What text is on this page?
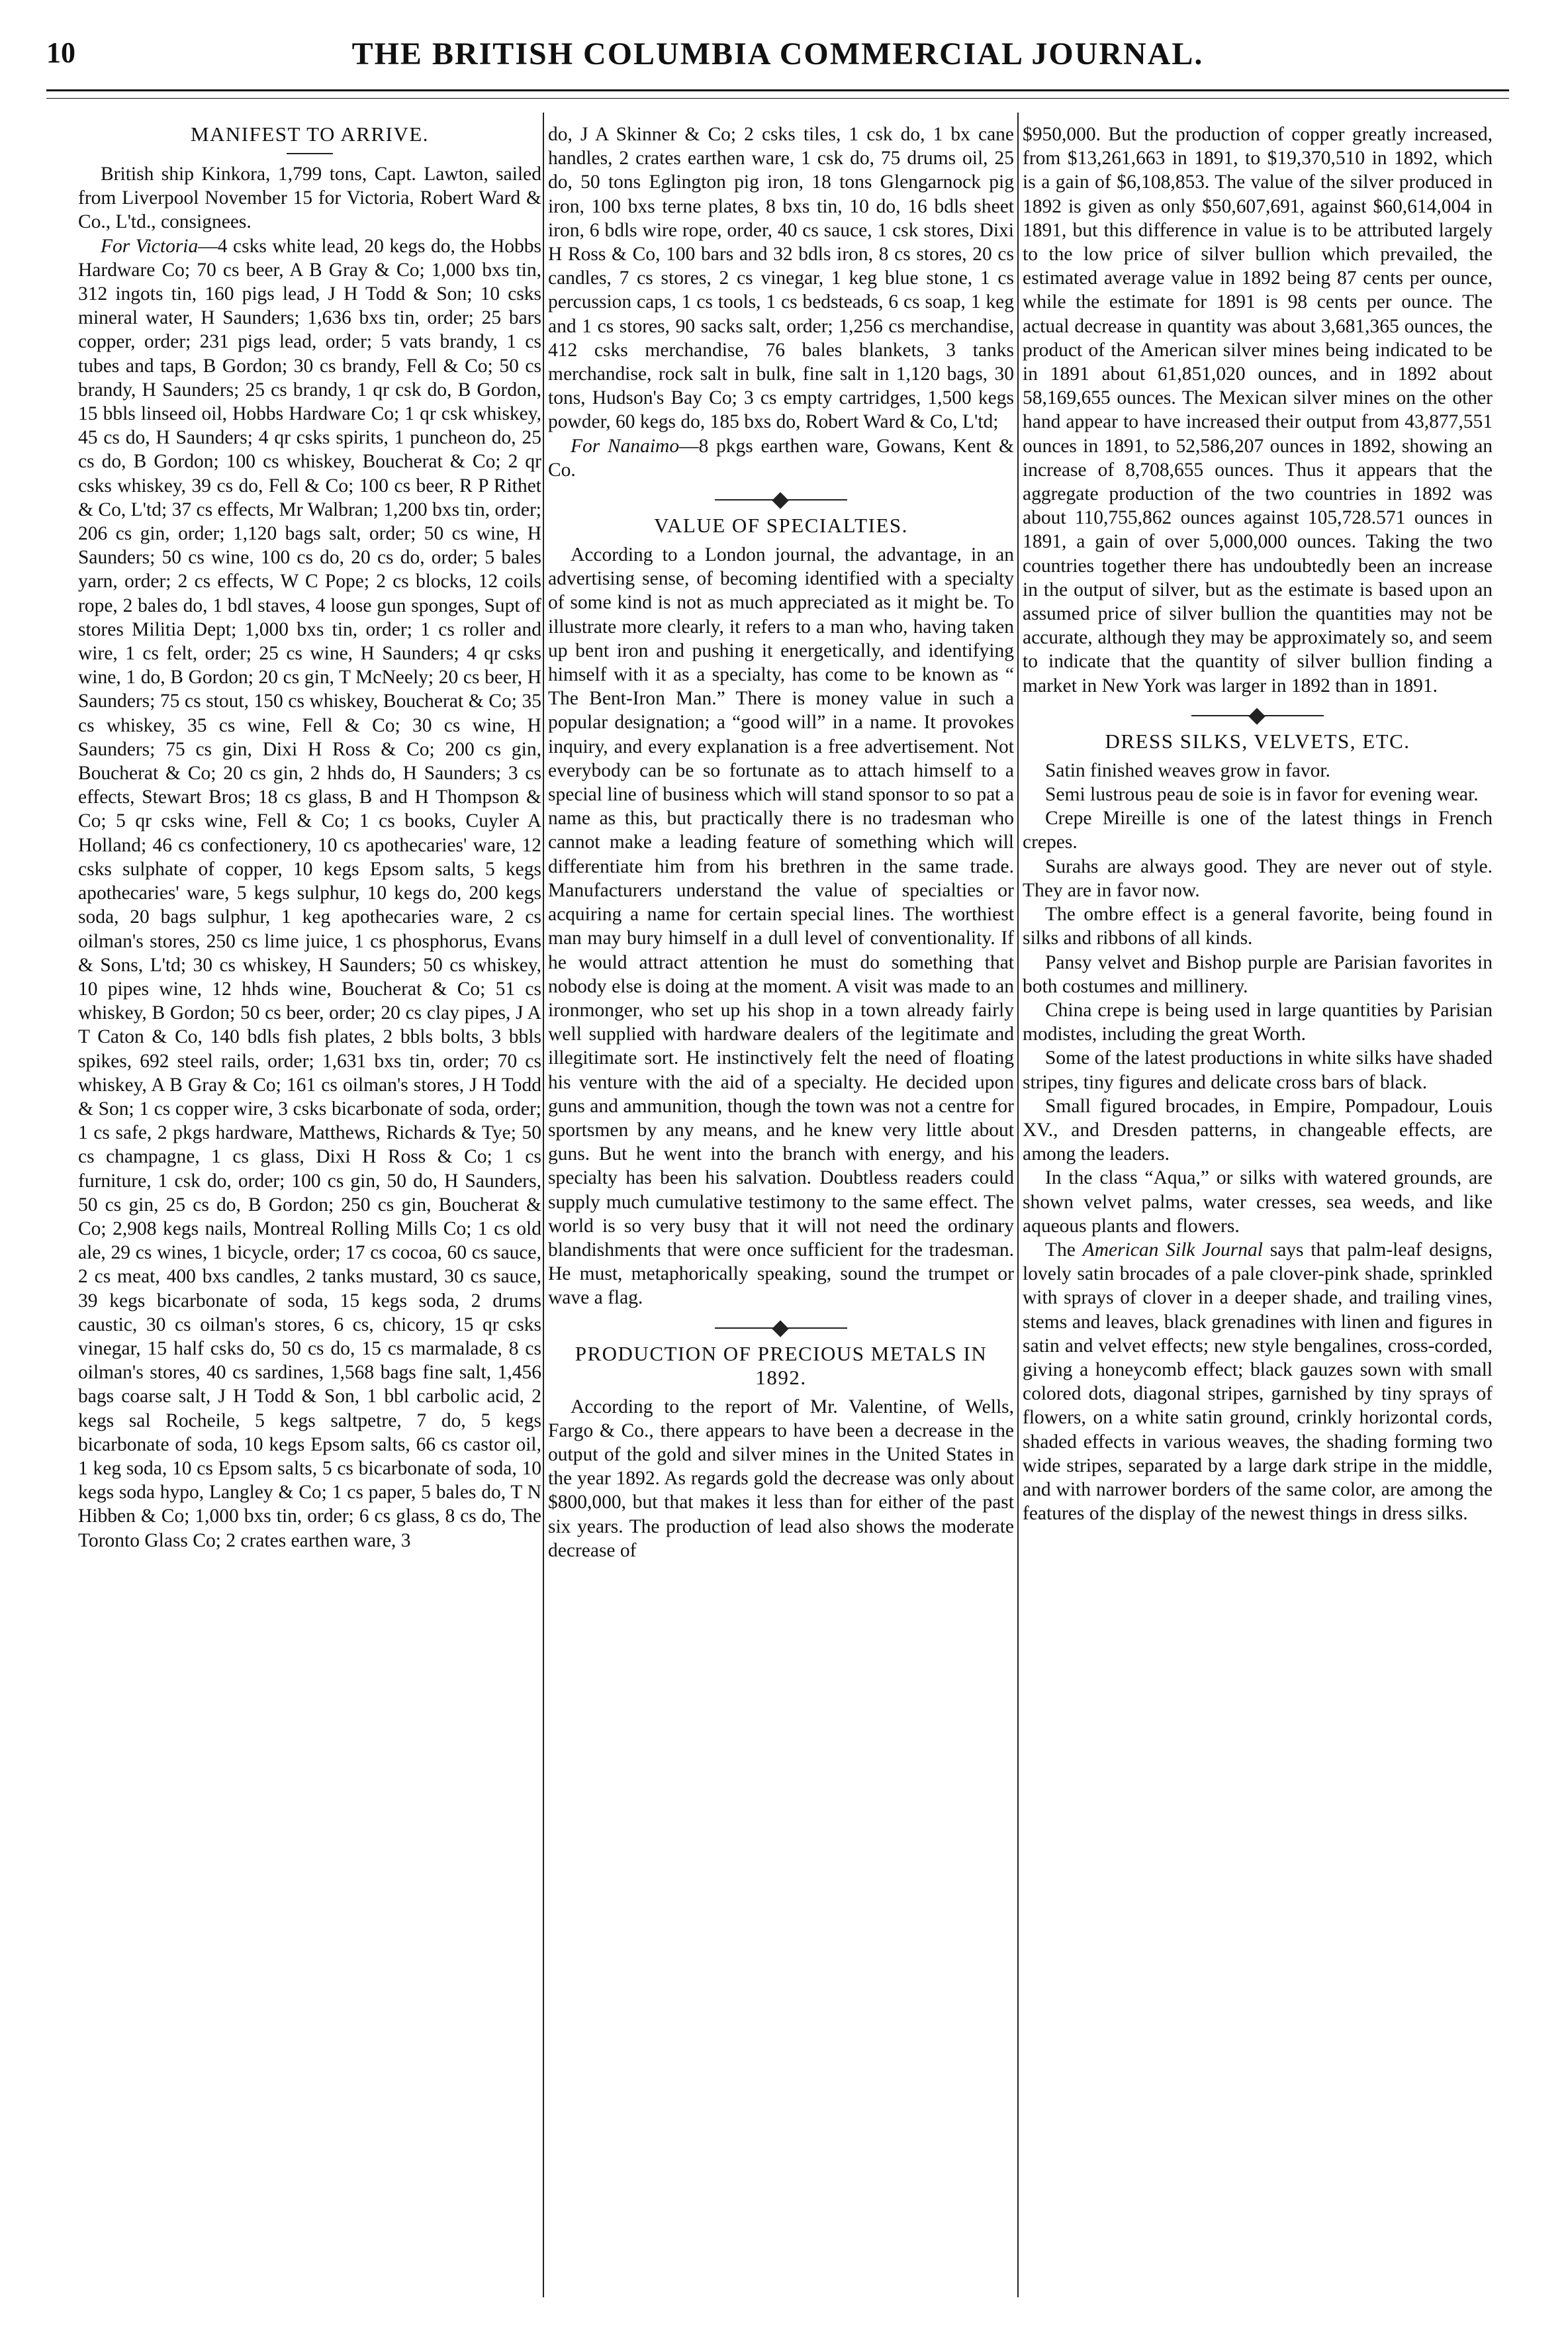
10	THE BRITISH COLUMBIA COMMERCIAL JOURNAL.
MANIFEST TO ARRIVE.

British ship Kinkora, 1,799 tons, Capt. Lawton, sailed from Liverpool November 15 for Victoria, Robert Ward & Co., L'td., consignees.

For Victoria—4 csks white lead, 20 kegs do, the Hobbs Hardware Co; 70 cs beer, A B Gray & Co; 1,000 bxs tin, 312 ingots tin, 160 pigs lead, J H Todd & Son; 10 csks mineral water, H Saunders; 1,636 bxs tin, order; 25 bars copper, order; 231 pigs lead, order; 5 vats brandy, 1 cs tubes and taps, B Gordon; 30 cs brandy, Fell & Co; 50 cs brandy, H Saunders; 25 cs brandy, 1 qr csk do, B Gordon, 15 bbls linseed oil, Hobbs Hardware Co; 1 qr csk whiskey, 45 cs do, H Saunders; 4 qr csks spirits, 1 puncheon do, 25 cs do, B Gordon; 100 cs whiskey, Boucherat & Co; 2 qr csks whiskey, 39 cs do, Fell & Co; 100 cs beer, R P Rithet & Co, L'td; 37 cs effects, Mr Walbran; 1,200 bxs tin, order; 206 cs gin, order; 1,120 bags salt, order; 50 cs wine, H Saunders; 50 cs wine, 100 cs do, 20 cs do, order; 5 bales yarn, order; 2 cs effects, W C Pope; 2 cs blocks, 12 coils rope, 2 bales do, 1 bdl staves, 4 loose gun sponges, Supt of stores Militia Dept; 1,000 bxs tin, order; 1 cs roller and wire, 1 cs felt, order; 25 cs wine, H Saunders; 4 qr csks wine, 1 do, B Gordon; 20 cs gin, T McNeely; 20 cs beer, H Saunders; 75 cs stout, 150 cs whiskey, Boucherat & Co; 35 cs whiskey, 35 cs wine, Fell & Co; 30 cs wine, H Saunders; 75 cs gin, Dixi H Ross & Co; 200 cs gin, Boucherat & Co; 20 cs gin, 2 hhds do, H Saunders; 3 cs effects, Stewart Bros; 18 cs glass, B and H Thompson & Co; 5 qr csks wine, Fell & Co; 1 cs books, Cuyler A Holland; 46 cs confectionery, 10 cs apothecaries' ware, 12 csks sulphate of copper, 10 kegs Epsom salts, 5 kegs apothecaries' ware, 5 kegs sulphur, 10 kegs do, 200 kegs soda, 20 bags sulphur, 1 keg apothecaries ware, 2 cs oilman's stores, 250 cs lime juice, 1 cs phosphorus, Evans & Sons, L'td; 30 cs whiskey, H Saunders; 50 cs whiskey, 10 pipes wine, 12 hhds wine, Boucherat & Co; 51 cs whiskey, B Gordon; 50 cs beer, order; 20 cs clay pipes, J A T Caton & Co, 140 bdls fish plates, 2 bbls bolts, 3 bbls spikes, 692 steel rails, order; 1,631 bxs tin, order; 70 cs whiskey, A B Gray & Co; 161 cs oilman's stores, J H Todd & Son; 1 cs copper wire, 3 csks bicarbonate of soda, order; 1 cs safe, 2 pkgs hardware, Matthews, Richards & Tye; 50 cs champagne, 1 cs glass, Dixi H Ross & Co; 1 cs furniture, 1 csk do, order; 100 cs gin, 50 do, H Saunders, 50 cs gin, 25 cs do, B Gordon; 250 cs gin, Boucherat & Co; 2,908 kegs nails, Montreal Rolling Mills Co; 1 cs old ale, 29 cs wines, 1 bicycle, order; 17 cs cocoa, 60 cs sauce, 2 cs meat, 400 bxs candles, 2 tanks mustard, 30 cs sauce, 39 kegs bicarbonate of soda, 15 kegs soda, 2 drums caustic, 30 cs oilman's stores, 6 cs, chicory, 15 qr csks vinegar, 15 half csks do, 50 cs do, 15 cs marmalade, 8 cs oilman's stores, 40 cs sardines, 1,568 bags fine salt, 1,456 bags coarse salt, J H Todd & Son, 1 bbl carbolic acid, 2 kegs sal Rocheile, 5 kegs saltpetre, 7 do, 5 kegs bicarbonate of soda, 10 kegs Epsom salts, 66 cs castor oil, 1 keg soda, 10 cs Epsom salts, 5 cs bicarbonate of soda, 10 kegs soda hypo, Langley & Co; 1 cs paper, 5 bales do, T N Hibben & Co; 1,000 bxs tin, order; 6 cs glass, 8 cs do, The Toronto Glass Co; 2 crates earthen ware, 3

do, J A Skinner & Co; 2 csks tiles, 1 csk do, 1 bx cane handles, 2 crates earthen ware, 1 csk do, 75 drums oil, 25 do, 50 tons Eglington pig iron, 18 tons Glengarnock pig iron, 100 bxs terne plates, 8 bxs tin, 10 do, 16 bdls sheet iron, 6 bdls wire rope, order, 40 cs sauce, 1 csk stores, Dixi H Ross & Co, 100 bars and 32 bdls iron, 8 cs stores, 20 cs candles, 7 cs stores, 2 cs vinegar, 1 keg blue stone, 1 cs percussion caps, 1 cs tools, 1 cs bedsteads, 6 cs soap, 1 keg and 1 cs stores, 90 sacks salt, order; 1,256 cs merchandise, 412 csks merchandise, 76 bales blankets, 3 tanks merchandise, rock salt in bulk, fine salt in 1,120 bags, 30 tons, Hudson's Bay Co; 3 cs empty cartridges, 1,500 kegs powder, 60 kegs do, 185 bxs do, Robert Ward & Co, L'td;

For Nanaimo—8 pkgs earthen ware, Gowans, Kent & Co.

VALUE OF SPECIALTIES.

According to a London journal, the advantage, in an advertising sense, of becoming identified with a specialty of some kind is not as much appreciated as it might be. To illustrate more clearly, it refers to a man who, having taken up bent iron and pushing it energetically, and identifying himself with it as a specialty, has come to be known as “ The Bent-Iron Man.” There is money value in such a popular designation; a “good will” in a name. It provokes inquiry, and every explanation is a free advertisement. Not everybody can be so fortunate as to attach himself to a special line of business which will stand sponsor to so pat a name as this, but practically there is no tradesman who cannot make a leading feature of something which will differentiate him from his brethren in the same trade. Manufacturers understand the value of specialties or acquiring a name for certain special lines. The worthiest man may bury himself in a dull level of conventionality. If he would attract attention he must do something that nobody else is doing at the moment. A visit was made to an ironmonger, who set up his shop in a town already fairly well supplied with hardware dealers of the legitimate and illegitimate sort. He instinctively felt the need of floating his venture with the aid of a specialty. He decided upon guns and ammunition, though the town was not a centre for sportsmen by any means, and he knew very little about guns. But he went into the branch with energy, and his specialty has been his salvation. Doubtless readers could supply much cumulative testimony to the same effect. The world is so very busy that it will not need the ordinary blandishments that were once sufficient for the tradesman. He must, metaphorically speaking, sound the trumpet or wave a flag.

PRODUCTION OF PRECIOUS METALS IN 1892.

According to the report of Mr. Valentine, of Wells, Fargo & Co., there appears to have been a decrease in the output of the gold and silver mines in the United States in the year 1892. As regards gold the decrease was only about $800,000, but that makes it less than for either of the past six years. The production of lead also shows the moderate decrease of

$950,000. But the production of copper greatly increased, from $13,261,663 in 1891, to $19,370,510 in 1892, which is a gain of $6,108,853. The value of the silver produced in 1892 is given as only $50,607,691, against $60,614,004 in 1891, but this difference in value is to be attributed largely to the low price of silver bullion which prevailed, the estimated average value in 1892 being 87 cents per ounce, while the estimate for 1891 is 98 cents per ounce. The actual decrease in quantity was about 3,681,365 ounces, the product of the American silver mines being indicated to be in 1891 about 61,851,020 ounces, and in 1892 about 58,169,655 ounces. The Mexican silver mines on the other hand appear to have increased their output from 43,877,551 ounces in 1891, to 52,586,207 ounces in 1892, showing an increase of 8,708,655 ounces. Thus it appears that the aggregate production of the two countries in 1892 was about 110,755,862 ounces against 105,728.571 ounces in 1891, a gain of over 5,000,000 ounces. Taking the two countries together there has undoubtedly been an increase in the output of silver, but as the estimate is based upon an assumed price of silver bullion the quantities may not be accurate, although they may be approximately so, and seem to indicate that the quantity of silver bullion finding a market in New York was larger in 1892 than in 1891.

DRESS SILKS, VELVETS, ETC.

Satin finished weaves grow in favor.

Semi lustrous peau de soie is in favor for evening wear.

Crepe Mireille is one of the latest things in French crepes.

Surahs are always good. They are never out of style. They are in favor now.

The ombre effect is a general favorite, being found in silks and ribbons of all kinds.

Pansy velvet and Bishop purple are Parisian favorites in both costumes and millinery.

China crepe is being used in large quantities by Parisian modistes, including the great Worth.

Some of the latest productions in white silks have shaded stripes, tiny figures and delicate cross bars of black.

Small figured brocades, in Empire, Pompadour, Louis XV., and Dresden patterns, in changeable effects, are among the leaders.

In the class “Aqua,” or silks with watered grounds, are shown velvet palms, water cresses, sea weeds, and like aqueous plants and flowers.

The American Silk Journal says that palm-leaf designs, lovely satin brocades of a pale clover-pink shade, sprinkled with sprays of clover in a deeper shade, and trailing vines, stems and leaves, black grenadines with linen and figures in satin and velvet effects; new style bengalines, cross-corded, giving a honeycomb effect; black gauzes sown with small colored dots, diagonal stripes, garnished by tiny sprays of flowers, on a white satin ground, crinkly horizontal cords, shaded effects in various weaves, the shading forming two wide stripes, separated by a large dark stripe in the middle, and with narrower borders of the same color, are among the features of the display of the newest things in dress silks.
